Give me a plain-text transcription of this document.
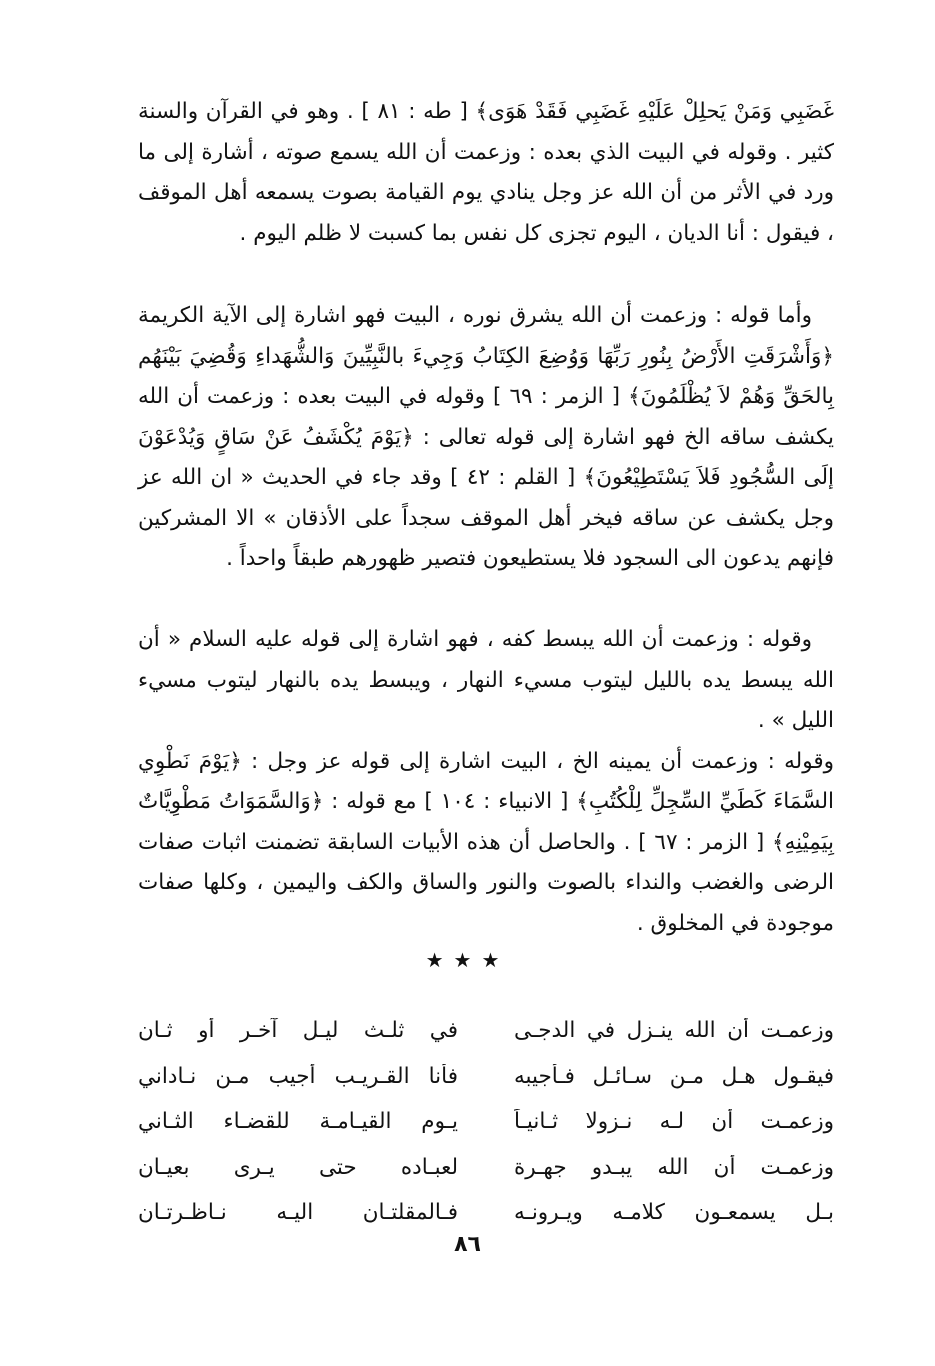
غَضَبِي وَمَنْ يَحلِلْ عَلَيْهِ غَضَبِي فَقَدْ هَوَى﴾ [ طه : ٨١ ] . وهو في القرآن والسنة كثير . وقوله في البيت الذي بعده : وزعمت أن الله يسمع صوته ، أشارة إلى ما ورد في الأثر من أن الله عز وجل ينادي يوم القيامة بصوت يسمعه أهل الموقف ، فيقول : أنا الديان ، اليوم تجزى كل نفس بما كسبت لا ظلم اليوم .

وأما قوله : وزعمت أن الله يشرق نوره ، البيت فهو اشارة إلى الآية الكريمة ﴿وَأَشْرَقَتِ الأَرْضُ بِنُورِ رَبِّهَا وَوُضِعَ الكِتَابُ وَجِيءَ بالنَّبِيِّينَ وَالشُّهَداءِ وَقُضِيَ بَيْنَهُم بِالحَقِّ وَهُمْ لاَ يُظْلَمُونَ﴾ [ الزمر : ٦٩ ] وقوله في البيت بعده : وزعمت أن الله يكشف ساقه الخ فهو اشارة إلى قوله تعالى : ﴿يَوْمَ يُكْشَفُ عَنْ سَاقٍ وَيُدْعَوْنَ إلَى السُّجُودِ فَلاَ يَسْتَطِيْعُونَ﴾ [ القلم : ٤٢ ] وقد جاء في الحديث « ان الله عز وجل يكشف عن ساقه فيخر أهل الموقف سجداً على الأذقان » الا المشركين فإنهم يدعون الى السجود فلا يستطيعون فتصير ظهورهم طبقاً واحداً .

وقوله : وزعمت أن الله يبسط كفه ، فهو اشارة إلى قوله عليه السلام « أن الله يبسط يده بالليل ليتوب مسيء النهار ، ويبسط يده بالنهار ليتوب مسيء الليل » .

وقوله : وزعمت أن يمينه الخ ، البيت اشارة إلى قوله عز وجل : ﴿يَوْمَ نَطْوِي السَّمَاءَ كَطَيِّ السِّجِلِّ لِلْكُتُبِ﴾ [ الانبياء : ١٠٤ ] مع قوله : ﴿وَالسَّمَوَاتُ مَطْوِيَّاتٌ بِيَمِيْنِهِ﴾ [ الزمر : ٦٧ ] . والحاصل أن هذه الأبيات السابقة تضمنت اثبات صفات الرضى والغضب والنداء بالصوت والنور والساق والكف واليمين ، وكلها صفات موجودة في المخلوق .

★★★
وزعمـت أن الله ينـزل في الدجـى
في ثلـث ليـل آخـر أو ثـان
فيقـول هـل مـن سـائـل فـأجيبه
فأنا القـريـب أجيب مـن نـاداني
وزعمـت أن لـه نـزولا ثـانيـاً
يـوم القيـامـة للقضـاء الثـاني
وزعمـت أن الله يبـدو جهـرة
لعبـاده حتى يـرى بعيـان
بـل يسمعـون كلامـه ويـرونـه
فـالمقلتـان اليـه نـاظـرتـان
٨٦
